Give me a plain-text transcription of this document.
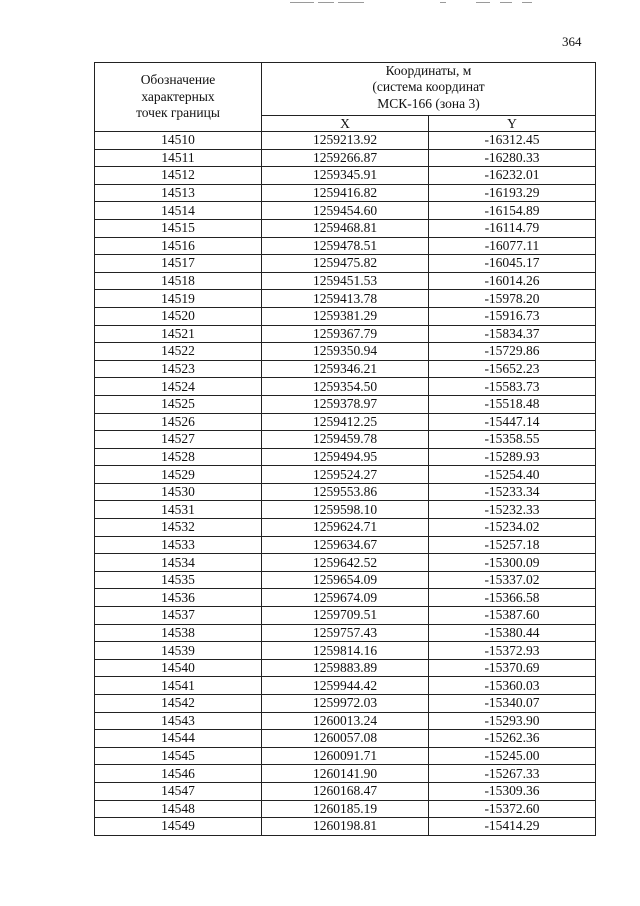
364
Обозначение
характерных
точек границы	Координаты, м
(система координат
МСК-166 (зона 3)	

	X	Y
14510	1259213.92	-16312.45
14511	1259266.87	-16280.33
14512	1259345.91	-16232.01
14513	1259416.82	-16193.29
14514	1259454.60	-16154.89
14515	1259468.81	-16114.79
14516	1259478.51	-16077.11
14517	1259475.82	-16045.17
14518	1259451.53	-16014.26
14519	1259413.78	-15978.20
14520	1259381.29	-15916.73
14521	1259367.79	-15834.37
14522	1259350.94	-15729.86
14523	1259346.21	-15652.23
14524	1259354.50	-15583.73
14525	1259378.97	-15518.48
14526	1259412.25	-15447.14
14527	1259459.78	-15358.55
14528	1259494.95	-15289.93
14529	1259524.27	-15254.40
14530	1259553.86	-15233.34
14531	1259598.10	-15232.33
14532	1259624.71	-15234.02
14533	1259634.67	-15257.18
14534	1259642.52	-15300.09
14535	1259654.09	-15337.02
14536	1259674.09	-15366.58
14537	1259709.51	-15387.60
14538	1259757.43	-15380.44
14539	1259814.16	-15372.93
14540	1259883.89	-15370.69
14541	1259944.42	-15360.03
14542	1259972.03	-15340.07
14543	1260013.24	-15293.90
14544	1260057.08	-15262.36
14545	1260091.71	-15245.00
14546	1260141.90	-15267.33
14547	1260168.47	-15309.36
14548	1260185.19	-15372.60
14549	1260198.81	-15414.29
